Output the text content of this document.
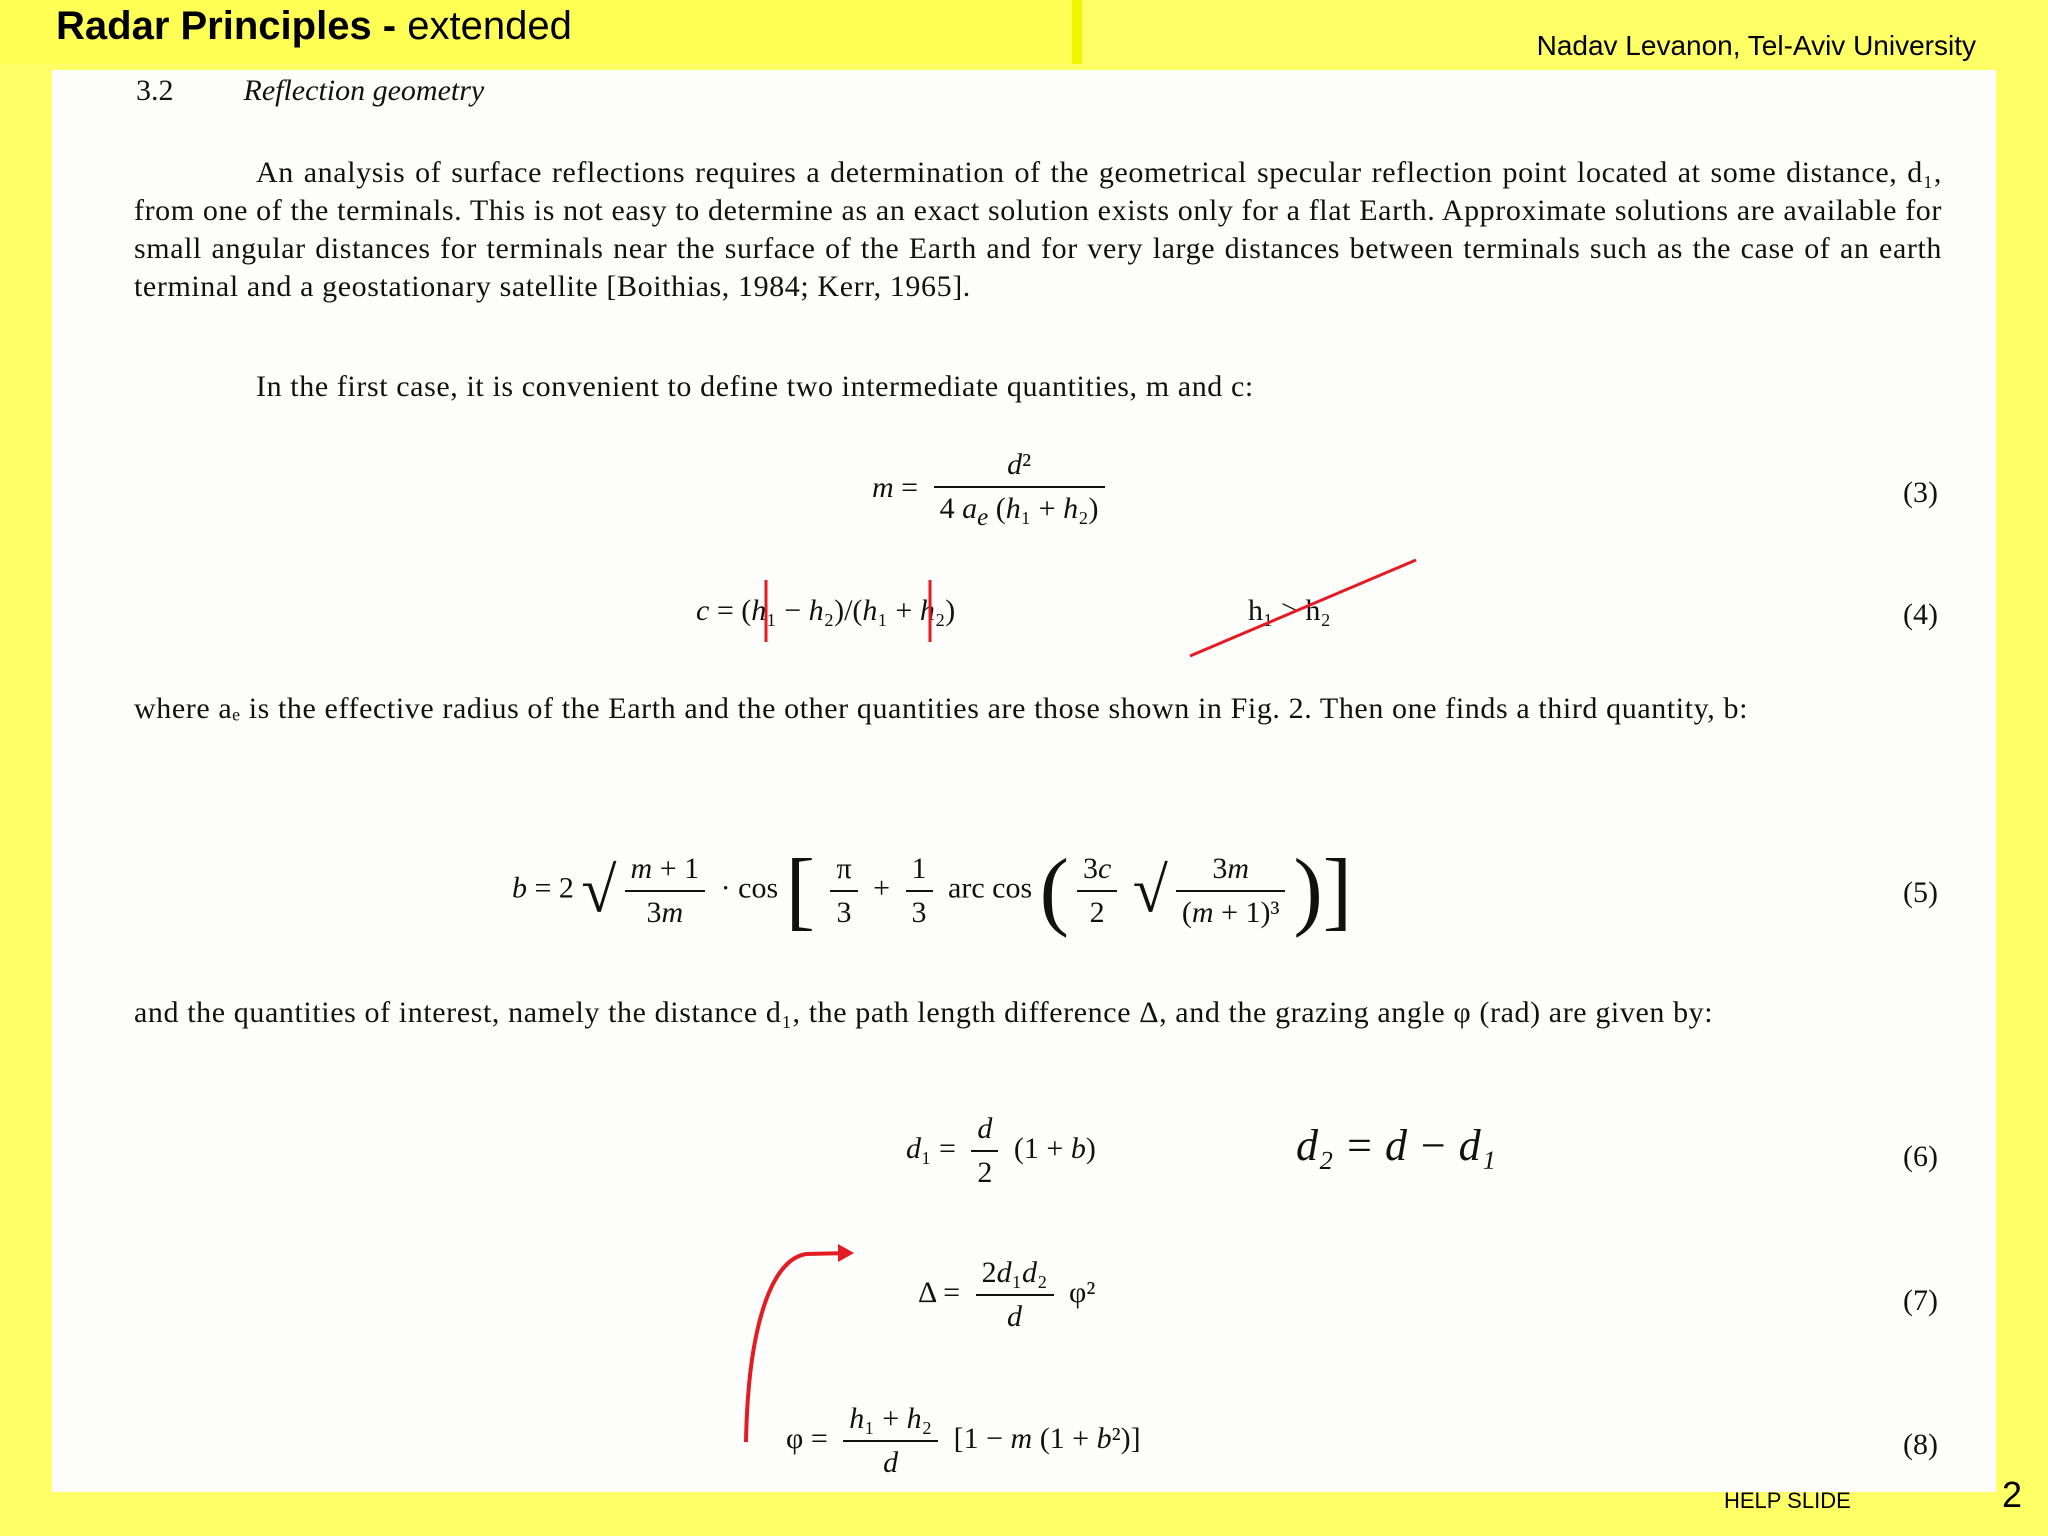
Radar Principles - extended	Nadav Levanon, Tel-Aviv University
3.2 Reflection geometry
An analysis of surface reflections requires a determination of the geometrical specular reflection point located at some distance, d₁, from one of the terminals. This is not easy to determine as an exact solution exists only for a flat Earth. Approximate solutions are available for small angular distances for terminals near the surface of the Earth and for very large distances between terminals such as the case of an earth terminal and a geostationary satellite [Boithias, 1984; Kerr, 1965].
In the first case, it is convenient to define two intermediate quantities, m and c:
$m = \frac{\text{d²}}{4 a_e (h_1 + h_2)}$	(3)
c = (h₁ − h₂)/(h₁ + h₂)	h₁ > h₂	(4)
where aₑ is the effective radius of the Earth and the other quantities are those shown in Fig. 2. Then one finds a third quantity, b:
b = 2 √ $\frac{m + 1}{3m} \cdot \cos$ [ $\frac{\pi}{3} + \frac{1}{3}$ arc cos ( $\frac{3c}{2}$ √ $\frac{3m}{\text{(m + 1)³}}$ )]	(5)
and the quantities of interest, namely the distance d₁, the path length difference Δ, and the grazing angle φ (rad) are given by:
$d_1 = \frac{d}{2} (1 + b)$	d₂ = d − d₁	(6)
$\Delta = \frac{\text{2d₁d₂}}{d} \varphi^2$	(7)
$\varphi = \frac{\text{h₁ + h₂}}{d} [1 - m$ (1 + b²)]	(8)
HELP SLIDE	2
